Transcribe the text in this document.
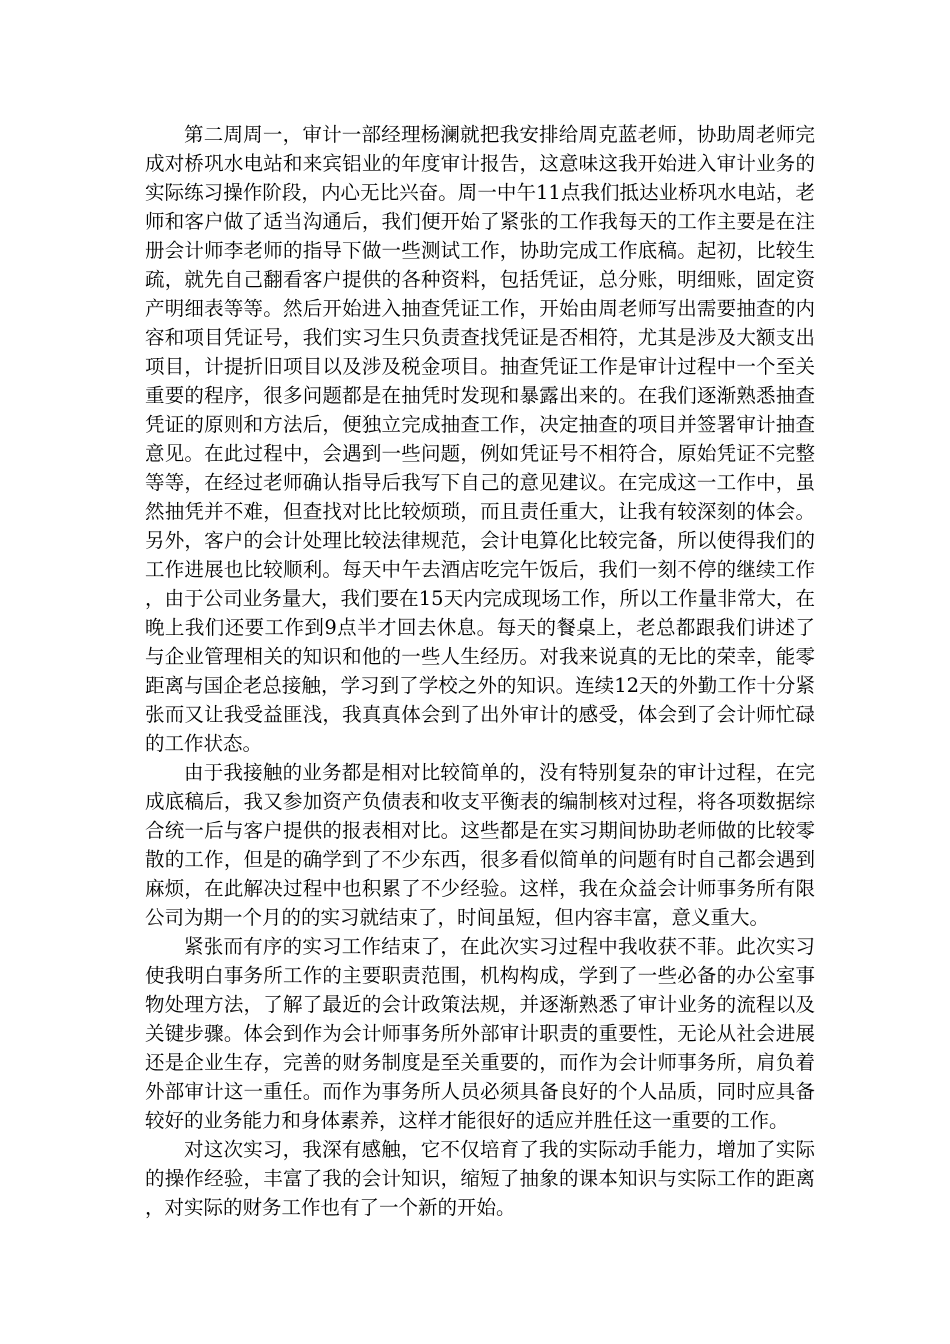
第二周周一，审计一部经理杨澜就把我安排给周克蓝老师，协助周老师完成对桥巩水电站和来宾铝业的年度审计报告，这意味这我开始进入审计业务的实际练习操作阶段，内心无比兴奋。周一中午11点我们抵达业桥巩水电站，老师和客户做了适当沟通后，我们便开始了紧张的工作我每天的工作主要是在注册会计师李老师的指导下做一些测试工作，协助完成工作底稿。起初，比较生疏，就先自己翻看客户提供的各种资料，包括凭证，总分账，明细账，固定资产明细表等等。然后开始进入抽查凭证工作，开始由周老师写出需要抽查的内容和项目凭证号，我们实习生只负责查找凭证是否相符，尤其是涉及大额支出项目，计提折旧项目以及涉及税金项目。抽查凭证工作是审计过程中一个至关重要的程序，很多问题都是在抽凭时发现和暴露出来的。在我们逐渐熟悉抽查凭证的原则和方法后，便独立完成抽查工作，决定抽查的项目并签署审计抽查意见。在此过程中，会遇到一些问题，例如凭证号不相符合，原始凭证不完整等等，在经过老师确认指导后我写下自己的意见建议。在完成这一工作中，虽然抽凭并不难，但查找对比比较烦琐，而且责任重大，让我有较深刻的体会。另外，客户的会计处理比较法律规范，会计电算化比较完备，所以使得我们的工作进展也比较顺利。每天中午去酒店吃完午饭后，我们一刻不停的继续工作，由于公司业务量大，我们要在15天内完成现场工作，所以工作量非常大，在晚上我们还要工作到9点半才回去休息。每天的餐桌上，老总都跟我们讲述了与企业管理相关的知识和他的一些人生经历。对我来说真的无比的荣幸，能零距离与国企老总接触，学习到了学校之外的知识。连续12天的外勤工作十分紧张而又让我受益匪浅，我真真体会到了出外审计的感受，体会到了会计师忙碌的工作状态。

由于我接触的业务都是相对比较简单的，没有特别复杂的审计过程，在完成底稿后，我又参加资产负债表和收支平衡表的编制核对过程，将各项数据综合统一后与客户提供的报表相对比。这些都是在实习期间协助老师做的比较零散的工作，但是的确学到了不少东西，很多看似简单的问题有时自己都会遇到麻烦，在此解决过程中也积累了不少经验。这样，我在众益会计师事务所有限公司为期一个月的的实习就结束了，时间虽短，但内容丰富，意义重大。

紧张而有序的实习工作结束了，在此次实习过程中我收获不菲。此次实习使我明白事务所工作的主要职责范围，机构构成，学到了一些必备的办公室事物处理方法，了解了最近的会计政策法规，并逐渐熟悉了审计业务的流程以及关键步骤。体会到作为会计师事务所外部审计职责的重要性，无论从社会进展还是企业生存，完善的财务制度是至关重要的，而作为会计师事务所，肩负着外部审计这一重任。而作为事务所人员必须具备良好的个人品质，同时应具备较好的业务能力和身体素养，这样才能很好的适应并胜任这一重要的工作。

对这次实习，我深有感触，它不仅培育了我的实际动手能力，增加了实际的操作经验，丰富了我的会计知识，缩短了抽象的课本知识与实际工作的距离，对实际的财务工作也有了一个新的开始。
